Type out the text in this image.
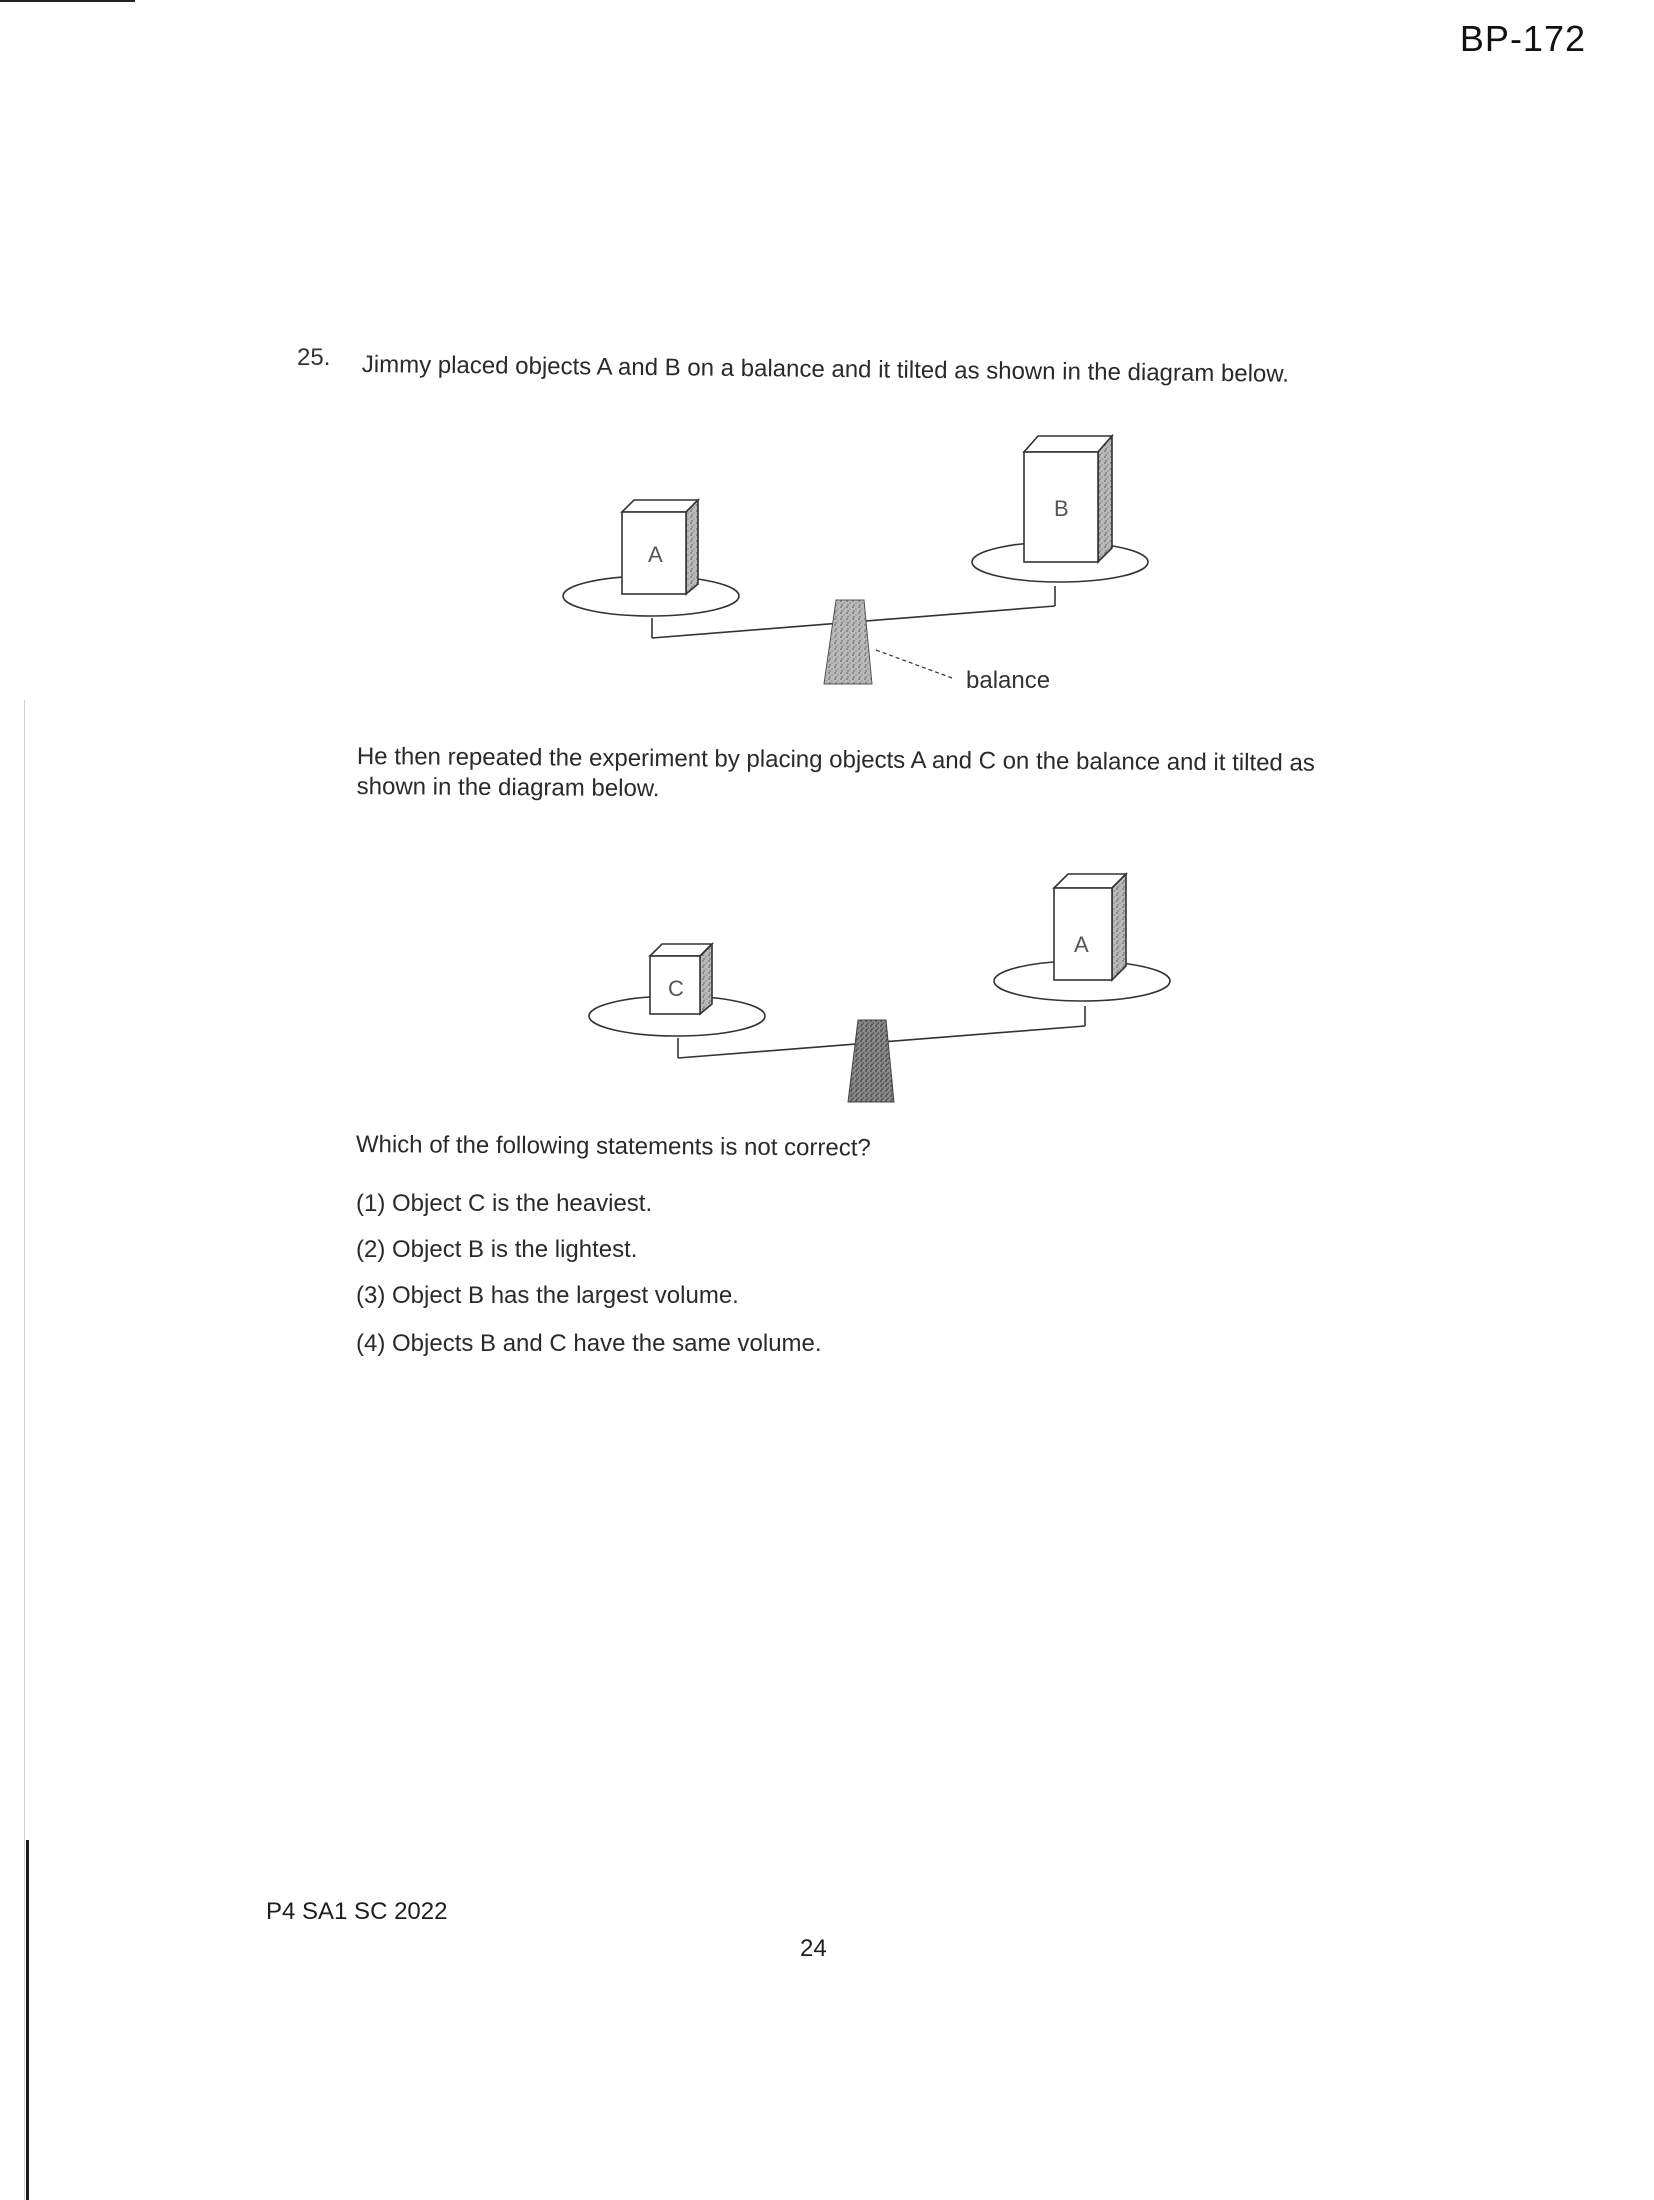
BP-172
25. Jimmy placed objects A and B on a balance and it tilted as shown in the diagram below.
A
B
balance
C
A
He then repeated the experiment by placing objects A and C on the balance and it tilted as shown in the diagram below.
Which of the following statements is not correct?
(1) Object C is the heaviest.
(2) Object B is the lightest.
(3) Object B has the largest volume.
(4) Objects B and C have the same volume.
P4 SA1 SC 2022
24
